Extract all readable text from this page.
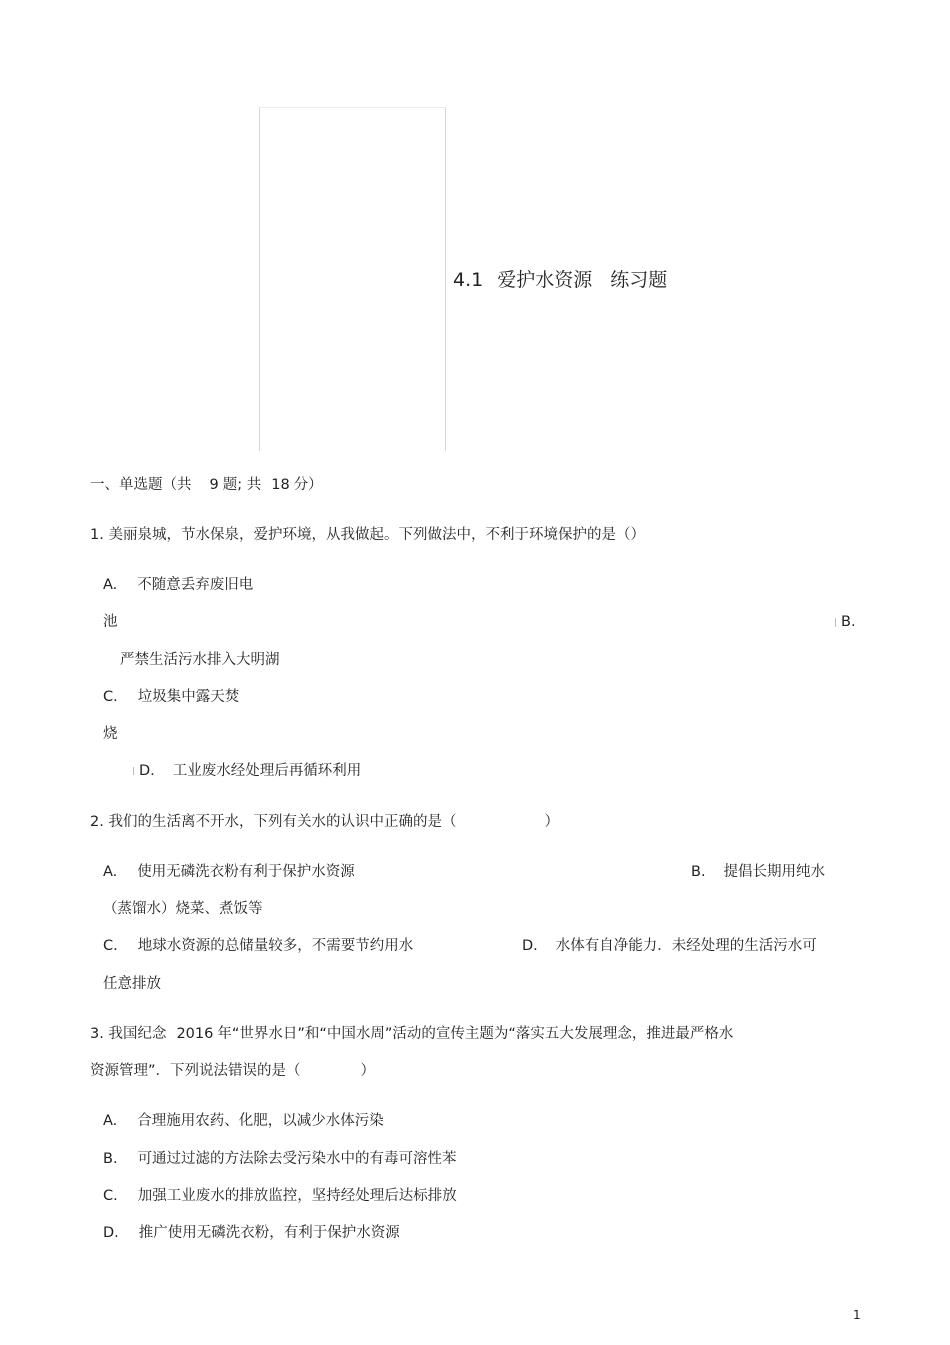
4.1 爱护水资源 练习题
一、单选题（共 9 题; 共 18 分）
1. 美丽泉城，节水保泉，爱护环境，从我做起。下列做法中，不利于环境保护的是（）
A. 不随意丢弃废旧电
池	B.
严禁生活污水排入大明湖
C. 垃圾集中露天焚
烧
D. 工业废水经处理后再循环利用
2. 我们的生活离不开水，下列有关水的认识中正确的是（	）
A. 使用无磷洗衣粉有利于保护水资源	B. 提倡长期用纯水
（蒸馏水）烧菜、煮饭等
C. 地球水资源的总储量较多，不需要节约用水	D. 水体有自净能力．未经处理的生活污水可
任意排放
3. 我国纪念 2016 年“世界水日”和“中国水周”活动的宣传主题为“落实五大发展理念，推进最严格水
资源管理”．下列说法错误的是（	）
A. 合理施用农药、化肥，以减少水体污染
B. 可通过过滤的方法除去受污染水中的有毒可溶性苯
C. 加强工业废水的排放监控，坚持经处理后达标排放
D. 推广使用无磷洗衣粉，有利于保护水资源
1
